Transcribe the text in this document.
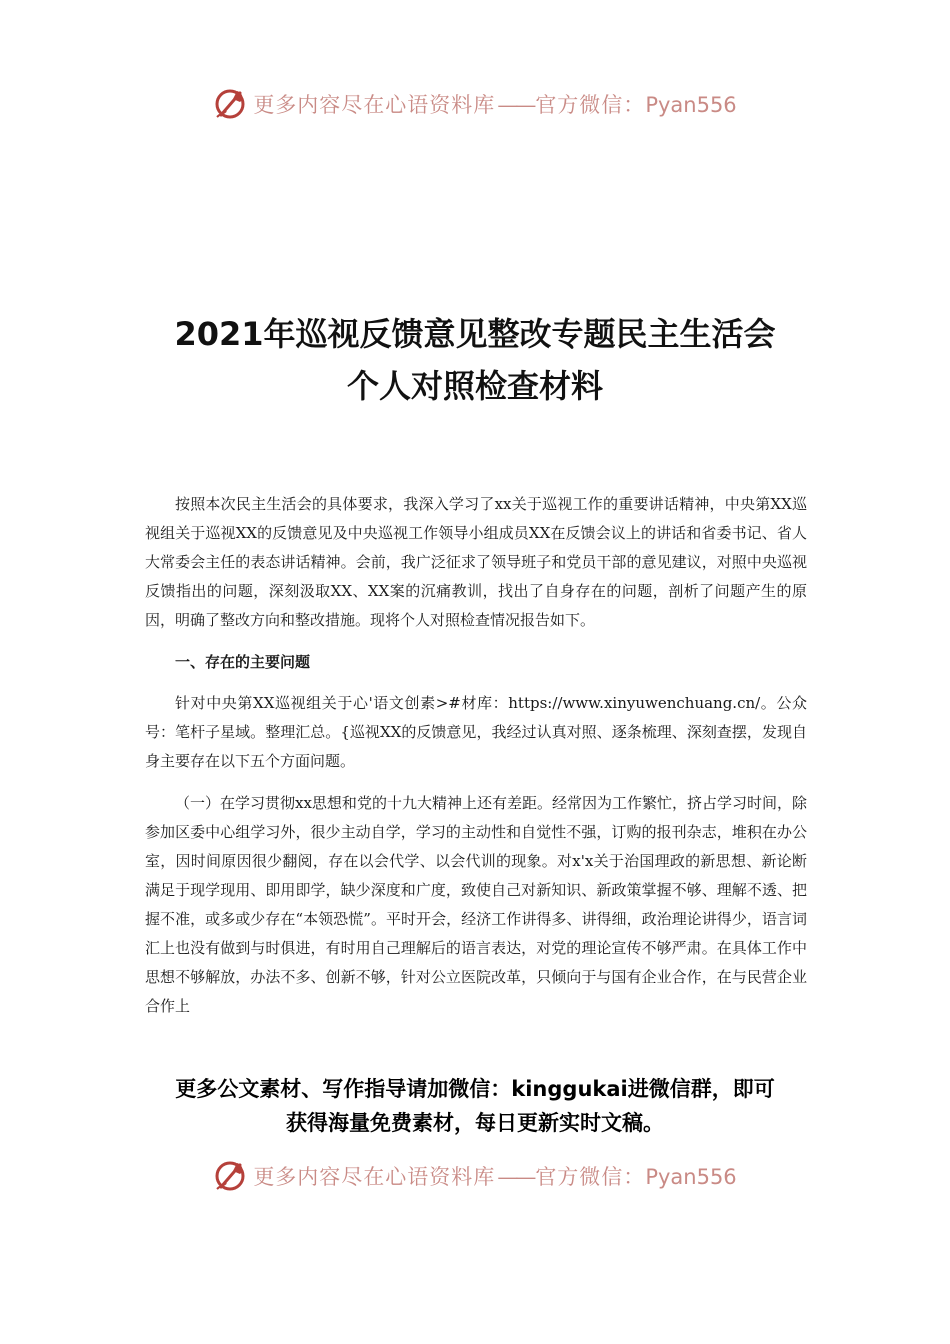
更多内容尽在心语资料库——官方微信：Pyan556
2021年巡视反馈意见整改专题民主生活会
个人对照检查材料

按照本次民主生活会的具体要求，我深入学习了xx关于巡视工作的重要讲话精神，中央第XX巡视组关于巡视XX的反馈意见及中央巡视工作领导小组成员XX在反馈会议上的讲话和省委书记、省人大常委会主任的表态讲话精神。会前，我广泛征求了领导班子和党员干部的意见建议，对照中央巡视反馈指出的问题，深刻汲取XX、XX案的沉痛教训，找出了自身存在的问题，剖析了问题产生的原因，明确了整改方向和整改措施。现将个人对照检查情况报告如下。

一、存在的主要问题

针对中央第XX巡视组关于心'语文创素>#材库：https://www.xinyuwenchuang.cn/。公众号：笔杆子星域。整理汇总。{巡视XX的反馈意见，我经过认真对照、逐条梳理、深刻查摆，发现自身主要存在以下五个方面问题。

（一）在学习贯彻xx思想和党的十九大精神上还有差距。经常因为工作繁忙，挤占学习时间，除参加区委中心组学习外，很少主动自学，学习的主动性和自觉性不强，订购的报刊杂志，堆积在办公室，因时间原因很少翻阅，存在以会代学、以会代训的现象。对x'x关于治国理政的新思想、新论断满足于现学现用、即用即学，缺少深度和广度，致使自己对新知识、新政策掌握不够、理解不透、把握不准，或多或少存在“本领恐慌”。平时开会，经济工作讲得多、讲得细，政治理论讲得少，语言词汇上也没有做到与时俱进，有时用自己理解后的语言表达，对党的理论宣传不够严肃。在具体工作中思想不够解放，办法不多、创新不够，针对公立医院改革，只倾向于与国有企业合作，在与民营企业合作上

更多公文素材、写作指导请加微信：kinggukai进微信群，即可
获得海量免费素材，每日更新实时文稿。
更多内容尽在心语资料库——官方微信：Pyan556
